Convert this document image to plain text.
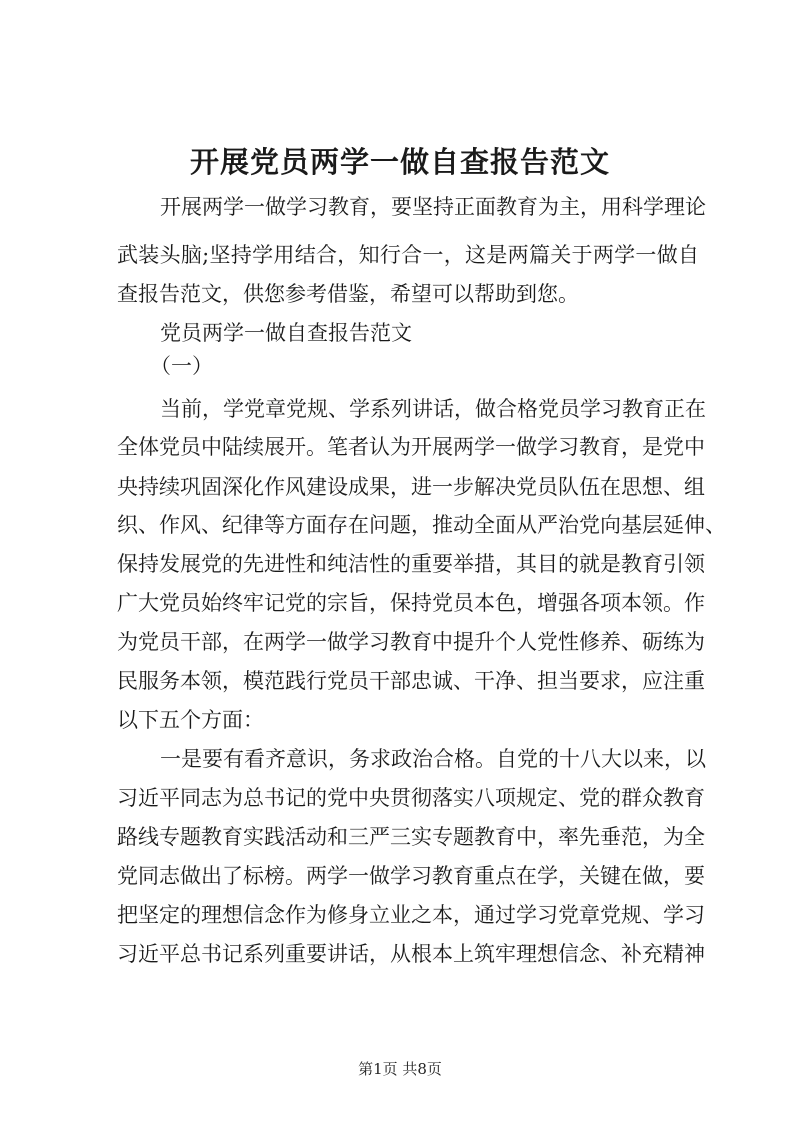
开展党员两学一做自查报告范文
开展两学一做学习教育，要坚持正面教育为主，用科学理论
武装头脑;坚持学用结合，知行合一，这是两篇关于两学一做自
查报告范文，供您参考借鉴，希望可以帮助到您。
党员两学一做自查报告范文
（一）
当前，学党章党规、学系列讲话，做合格党员学习教育正在
全体党员中陆续展开。笔者认为开展两学一做学习教育，是党中
央持续巩固深化作风建设成果，进一步解决党员队伍在思想、组
织、作风、纪律等方面存在问题，推动全面从严治党向基层延伸、
保持发展党的先进性和纯洁性的重要举措，其目的就是教育引领
广大党员始终牢记党的宗旨，保持党员本色，增强各项本领。作
为党员干部，在两学一做学习教育中提升个人党性修养、砺练为
民服务本领，模范践行党员干部忠诚、干净、担当要求，应注重
以下五个方面：
一是要有看齐意识，务求政治合格。自党的十八大以来，以
习近平同志为总书记的党中央贯彻落实八项规定、党的群众教育
路线专题教育实践活动和三严三实专题教育中，率先垂范，为全
党同志做出了标榜。两学一做学习教育重点在学，关键在做，要
把坚定的理想信念作为修身立业之本，通过学习党章党规、学习
习近平总书记系列重要讲话，从根本上筑牢理想信念、补充精神
第1页 共8页
